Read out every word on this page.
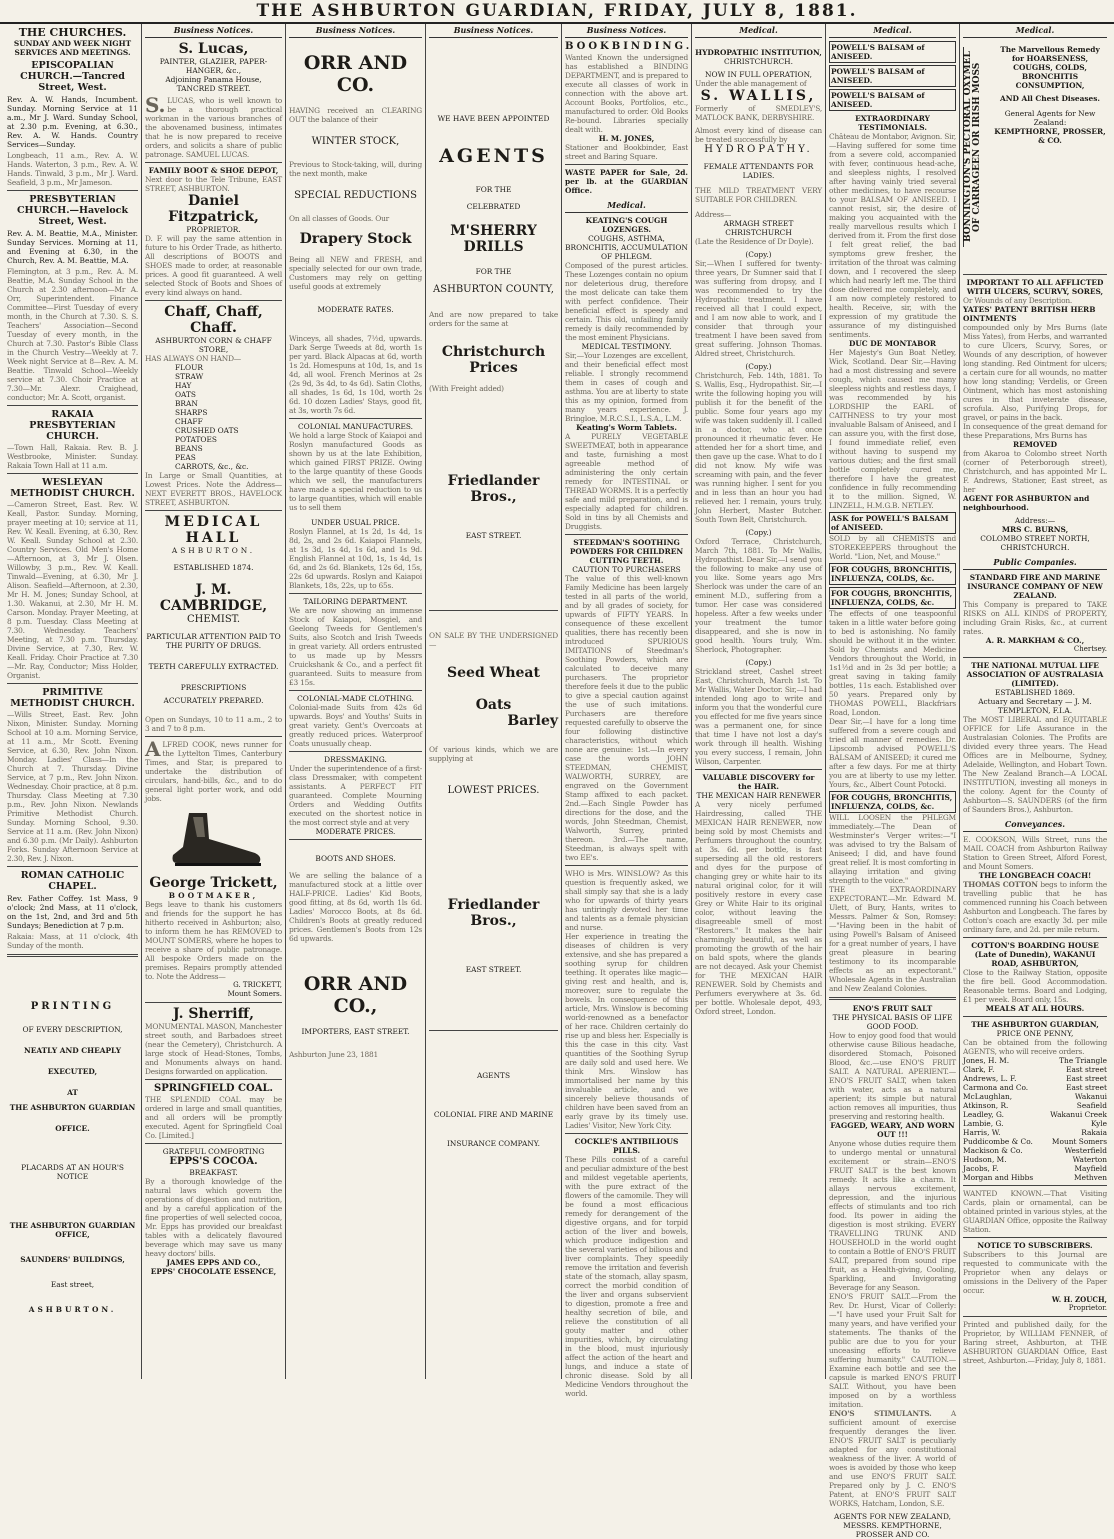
THE ASHBURTON GUARDIAN, FRIDAY, JULY 8, 1881.
THE CHURCHES.
SUNDAY AND WEEK NIGHT SERVICES AND MEETINGS.
EPISCOPALIAN CHURCH.—Tancred Street, West.
Rev. A. W. Hands, Incumbent. Sunday. Morning Service at 11 a.m., Mr J. Ward. Sunday School, at 2.30 p.m. Evening, at 6.30., Rev. A. W. Hands. Country Services—Sunday.
Longbeach, 11 a.m., Rev. A. W. Hands. Waterton, 3 p.m., Rev. A. W. Hands. Tinwald, 3 p.m., Mr J. Ward. Seafield, 3 p.m., Mr Jameson.
PRESBYTERIAN CHURCH.—Havelock Street, West.
Rev. A. M. Beattie, M.A., Minister. Sunday Services. Morning at 11, and Evening at 6.30, in the Church, Rev. A. M. Beattie, M.A.
Flemington, at 3 p.m., Rev. A. M. Beattie, M.A. Sunday School in the Church at 2.30 afternoon—Mr A. Orr, Superintendent. Finance Committee—First Tuesday of every month, in the Church at 7.30. S. S. Teachers' Association—Second Tuesday of every month, in the Church at 7.30. Pastor's Bible Class in the Church Vestry—Weekly at 7. Week night Service at 8—Rev. A. M. Beattie. Tinwald School—Weekly service at 7.30. Choir Practice at 7.30—Mr. Alexr. Craighead, conductor; Mr. A. Scott, organist.
RAKAIA PRESBYTERIAN CHURCH.
—Town Hall, Rakaia. Rev. B. J. Westbrooke, Minister. Sunday. Rakaia Town Hall at 11 a.m.
WESLEYAN METHODIST CHURCH.
—Cameron Street, East. Rev. W. Keall, Pastor. Sunday. Morning, prayer meeting at 10; service at 11, Rev. W. Keall. Evening, at 6.30, Rev. W. Keall. Sunday School at 2.30. Country Services. Old Men's Home—Afternoon, at 3, Mr J. Olsen. Willowby, 3 p.m., Rev. W. Keall. Tinwald—Evening, at 6.30, Mr J. Alison. Seafield—Afternoon, at 2.30, Mr H. M. Jones; Sunday School, at 1.30. Wakanui, at 2.30, Mr H. M. Carson. Monday. Prayer Meeting, at 8 p.m. Tuesday. Class Meeting at 7.30. Wednesday. Teachers' Meeting, at 7.30 p.m. Thursday. Divine Service, at 7.30, Rev. W. Keall. Friday. Choir Practice at 7.30—Mr. Ray, Conductor; Miss Holder, Organist.
PRIMITIVE METHODIST CHURCH.
—Wills Street, East. Rev. John Nixon, Minister. Sunday. Morning School at 10 a.m. Morning Service, at 11 a.m., Mr Scott. Evening Service, at 6.30, Rev. John Nixon. Monday. Ladies' Class—In the Church at 7. Thursday. Divine Service, at 7 p.m., Rev. John Nixon. Wednesday. Choir practice, at 8 p.m. Thursday. Class Meeting at 7.30 p.m., Rev. John Nixon. Newlands Primitive Methodist Church. Sunday. Morning School, 9.30. Service at 11 a.m. (Rev. John Nixon) and 6.30 p.m. (Mr Daily). Ashburton Forks. Sunday Afternoon Service at 2.30, Rev. J. Nixon.
ROMAN CATHOLIC CHAPEL.
Rev. Father Coffey. 1st Mass, 9 o'clock; 2nd Mass, at 11 o'clock, on the 1st, 2nd, and 3rd and 5th Sundays; Benediction at 7 p.m.
Rakaia: Mass, at 11 o'clock, 4th Sunday of the month.
PRINTING
OF EVERY DESCRIPTION,
NEATLY AND CHEAPLY
EXECUTED,
AT
THE ASHBURTON GUARDIAN
OFFICE.
PLACARDS AT AN HOUR'S NOTICE
THE ASHBURTON GUARDIAN OFFICE,
SAUNDERS' BUILDINGS,
East street,
ASHBURTON.
Business Notices.
S. Lucas,
PAINTER, GLAZIER, PAPER-HANGER, &c.,
Adjoining Panama House, TANCRED STREET.
S. LUCAS, who is well known to be a thorough practical workman in the various branches of the abovenamed business, intimates that he is now prepared to receive orders, and solicits a share of public patronage. SAMUEL LUCAS.
FAMILY BOOT & SHOE DEPOT,
Next door to the Tele Tribune, EAST STREET, ASHBURTON.
Daniel Fitzpatrick,
PROPRIETOR.
D. F. will pay the same attention in future to his Order Trade, as hitherto. All descriptions of BOOTS and SHOES made to order, at reasonable prices. A good fit guaranteed. A well selected Stock of Boots and Shoes of every kind always on hand.
Chaff, Chaff, Chaff.
ASHBURTON CORN & CHAFF STORE,
HAS ALWAYS ON HAND—
FLOUR
STRAW
HAY
OATS
BRAN
SHARPS
CHAFF
CRUSHED OATS
POTATOES
BEANS
PEAS
CARROTS, &c., &c.
In Large or Small Quantities, at Lowest Prices. Note the Address— NEXT EVERETT BROS., HAVELOCK STREET, ASHBURTON.
MEDICAL HALL
ASHBURTON.
ESTABLISHED 1874.
J. M. CAMBRIDGE,
CHEMIST.
PARTICULAR ATTENTION PAID TO THE PURITY OF DRUGS.
TEETH CAREFULLY EXTRACTED.
PRESCRIPTIONS
ACCURATELY PREPARED.
Open on Sundays, 10 to 11 a.m., 2 to 3 and 7 to 8 p.m.
ALFRED COOK, news runner for the Lyttelton Times, Canterbury Times, and Star, is prepared to undertake the distribution of circulars, hand-bills, &c., and to do general light porter work, and odd jobs.
George Trickett,
BOOTMAKER,
Begs leave to thank his customers and friends for the support he has hitherto received in Ashburton; also, to inform them he has REMOVED to MOUNT SOMERS, where he hopes to receive a share of public patronage. All bespoke Orders made on the premises. Repairs promptly attended to. Note the Address—
G. TRICKETT,
Mount Somers.
J. Sherriff,
MONUMENTAL MASON, Manchester street south, and Barbadoes street (near the Cemetery), Christchurch. A large stock of Head-Stones, Tombs, and Monuments always on hand. Designs forwarded on application.
SPRINGFIELD COAL.
THE SPLENDID COAL may be ordered in large and small quantities, and all orders will be promptly executed. Agent for Springfield Coal Co. [Limited.]
GRATEFUL COMFORTING
EPPS'S COCOA.
BREAKFAST.
By a thorough knowledge of the natural laws which govern the operations of digestion and nutrition, and by a careful application of the fine properties of well selected cocoa, Mr. Epps has provided our breakfast tables with a delicately flavoured beverage which may save us many heavy doctors' bills.
JAMES EPPS AND CO.,
EPPS' CHOCOLATE ESSENCE,
Business Notices.
ORR AND CO.
HAVING received an CLEARING OUT the balance of their
WINTER STOCK,
Previous to Stock-taking, will, during the next month, make
SPECIAL REDUCTIONS
On all classes of Goods. Our
Drapery Stock
Being all NEW and FRESH, and specially selected for our own trade, Customers may rely on getting useful goods at extremely
MODERATE RATES.
Winceys, all shades, 7½d, upwards. Dark Serge Tweeds at 8d, worth 1s per yard. Black Alpacas at 6d, worth 1s 2d. Homespuns at 10d, 1s, and 1s 4d, all wool. French Merinos at 2s (2s 9d, 3s 4d, to 4s 6d). Satin Cloths, all shades, 1s 6d, 1s 10d, worth 2s 6d. 10 dozen Ladies' Stays, good fit, at 3s, worth 7s 6d.
COLONIAL MANUFACTURES.
We hold a large Stock of Kaiapoi and Roslyn manufactured Goods as shown by us at the late Exhibition, which gained FIRST PRIZE. Owing to the large quantity of these Goods which we sell, the manufacturers have made a special reduction to us to large quantities, which will enable us to sell them
UNDER USUAL PRICE.
Roslyn Flannel, at 1s 2d, 1s 4d, 1s 8d, 2s, and 2s 6d. Kaiapoi Flannels, at 1s 3d, 1s 4d, 1s 6d, and 1s 9d. English Flannel at 10d, 1s, 1s 4d, 1s 6d, and 2s 6d. Blankets, 12s 6d, 15s, 22s 6d upwards. Roslyn and Kaiapoi Blankets, 18s, 22s, up to 65s.
TAILORING DEPARTMENT.
We are now showing an immense Stock of Kaiapoi, Mosgiel, and Geelong Tweeds for Gentlemen's Suits, also Scotch and Irish Tweeds in great variety. All orders entrusted to us made up by Messrs Cruickshank & Co., and a perfect fit guaranteed. Suits to measure from £3 15s.
COLONIAL-MADE CLOTHING.
Colonial-made Suits from 42s 6d upwards. Boys' and Youths' Suits in great variety. Gent's Overcoats at greatly reduced prices. Waterproof Coats unusually cheap.
DRESSMAKING.
Under the superintendence of a first-class Dressmaker, with competent assistants. A PERFECT FIT guaranteed. Complete Mourning Orders and Wedding Outfits executed on the shortest notice in the most correct style and at very
MODERATE PRICES.
BOOTS AND SHOES.
We are selling the balance of a manufactured stock at a little over HALF-PRICE. Ladies' Kid Boots, good fitting, at 8s 6d, worth 1ls 6d. Ladies' Morocco Boots, at 8s 6d. Children's Boots at greatly reduced prices. Gentlemen's Boots from 12s 6d upwards.
ORR AND CO.,
IMPORTERS, EAST STREET.
Ashburton June 23, 1881
Business Notices.
WE HAVE BEEN APPOINTED
AGENTS
FOR THE
CELEBRATED
M'SHERRY DRILLS
FOR THE
ASHBURTON COUNTY,
And are now prepared to take orders for the same at
Christchurch Prices
(With Freight added)
Friedlander Bros.,
EAST STREET.
ON SALE BY THE UNDERSIGNED—
Seed Wheat
Oats
Barley
Of various kinds, which we are supplying at
LOWEST PRICES.
Friedlander Bros.,
EAST STREET.
AGENTS
COLONIAL FIRE AND MARINE
INSURANCE COMPANY.
Business Notices.
BOOKBINDING.
Wanted Known the undersigned has established a BINDING DEPARTMENT, and is prepared to execute all classes of work in connection with the above art. Account Books, Portfolios, etc., manufactured to order. Old Books Re-bound. Libraries specially dealt with.
H. M. JONES,
Stationer and Bookbinder, East street and Baring Square.
WASTE PAPER for Sale, 2d. per lb. at the GUARDIAN Office.
Medical.
KEATING'S COUGH LOZENGES.
COUGHS, ASTHMA, BRONCHITIS, ACCUMULATION OF PHLEGM.
Composed of the purest articles. These Lozenges contain no opium nor deleterious drug, therefore the most delicate can take them with perfect confidence. Their beneficial effect is speedy and certain. This old, unfailing family remedy is daily recommended by the most eminent Physicians.
MEDICAL TESTIMONY.
Sir,—Your Lozenges are excellent, and their beneficial effect most reliable. I strongly recommend them in cases of cough and asthma. You are at liberty to state this as my opinion, formed from many years experience. J. Bringloe, M.R.C.S.I., L.S.A., L.M.
Keating's Worm Tablets.
A PURELY VEGETABLE SWEETMEAT, both in appearance and taste, furnishing a most agreeable method of administering the only certain remedy for INTESTINAL or THREAD WORMS. It is a perfectly safe and mild preparation, and is especially adapted for children. Sold in tins by all Chemists and Druggists.
STEEDMAN'S SOOTHING POWDERS FOR CHILDREN CUTTING TEETH.
CAUTION TO PURCHASERS
The value of this well-known Family Medicine has been largely tested in all parts of the world, and by all grades of society, for upwards of FIFTY YEARS. In consequence of these excellent qualities, there has recently been introduced SPURIOUS IMITATIONS of Steedman's Soothing Powders, which are calculated to deceive many purchasers. The proprietor therefore feels it due to the public to give a special caution against the use of such imitations. Purchasers are therefore requested carefully to observe the four following distinctive characteristics, without which none are genuine: 1st.—In every case the words JOHN STEEDMAN, CHEMIST, WALWORTH, SURREY, are engraved on the Government Stamp affixed to each packet. 2nd.—Each Single Powder has directions for the dose, and the words, John Steedman, Chemist, Walworth, Surrey, printed thereon. 3rd.—The name, Steedman, is always spelt with two EE's.
WHO is Mrs. WINSLOW? As this question is frequently asked, we shall simply say that she is a lady who for upwards of thirty years has untiringly devoted her time and talents as a female physician and nurse.
Her experience in treating the diseases of children is very extensive, and she has prepared a soothing syrup for children teething. It operates like magic—giving rest and health, and is, moreover, sure to regulate the bowels. In consequence of this article, Mrs. Winslow is becoming world-renowned as a benefactor of her race. Children certainly do rise up and bless her. Especially is this the case in this city. Vast quantities of the Soothing Syrup are daily sold and used here. We think Mrs. Winslow has immortalised her name by this invaluable article, and we sincerely believe thousands of children have been saved from an early grave by its timely use. Ladies' Visitor, New York City.
COCKLE'S ANTIBILIOUS PILLS.
These Pills consist of a careful and peculiar admixture of the best and mildest vegetable aperients, with the pure extract of the flowers of the camomile. They will be found a most efficacious remedy for derangement of the digestive organs, and for torpid action of the liver and bowels, which produce indigestion and the several varieties of bilious and liver complaints. They speedily remove the irritation and feverish state of the stomach, allay spasm, correct the morbid condition of the liver and organs subservient to digestion, promote a free and healthy secretion of bile, and relieve the constitution of all gouty matter and other impurities, which, by circulating in the blood, must injuriously affect the action of the heart and lungs, and induce a state of chronic disease. Sold by all Medicine Vendors throughout the world.
Medical.
HYDROPATHIC INSTITUTION,
CHRISTCHURCH.
NOW IN FULL OPERATION,
Under the able management of
S. WALLIS,
Formerly of SMEDLEY'S, MATLOCK BANK, DERBYSHIRE.
Almost every kind of disease can be treated successfully by
HYDROPATHY.
FEMALE ATTENDANTS FOR LADIES.
THE MILD TREATMENT VERY SUITABLE FOR CHILDREN.
Address—
ARMAGH STREET
CHRISTCHURCH
(Late the Residence of Dr Doyle).
(Copy.)
Sir,—When I suffered for twenty-three years, Dr Sumner said that I was suffering from dropsy, and I was recommended to try the Hydropathic treatment. I have received all that I could expect, and I am now able to work, and I consider that through your treatment I have been saved from great suffering. Johnson Thomas. Aldred street, Christchurch.
(Copy.)
Christchurch, Feb. 14th, 1881. To S. Wallis, Esq., Hydropathist. Sir,—I write the following hoping you will publish it for the benefit of the public. Some four years ago my wife was taken suddenly ill. I called in a doctor, who at once pronounced it rheumatic fever. He attended her for a short time, and then gave up the case. What to do I did not know. My wife was screaming with pain, and the fever was running higher. I sent for you and in less than an hour you had relieved her. I remain, yours truly, John Herbert, Master Butcher. South Town Belt, Christchurch.
(Copy.)
Oxford Terrace, Christchurch, March 7th, 1881. To Mr Wallis, Hydropathist. Dear Sir,—I send you the following to make any use of you like. Some years ago Mrs Sherlock was under the care of an eminent M.D., suffering from a tumor. Her case was considered hopeless. After a few weeks under your treatment the tumor disappeared, and she is now in good health. Yours truly, Wm. Sherlock, Photographer.
(Copy.)
Strickland street, Cashel street East, Christchurch, March 1st. To Mr Wallis, Water Doctor. Sir,—I had intended long ago to write and inform you that the wonderful cure you effected for me five years since was a permanent one, for since that time I have not lost a day's work through ill health. Wishing you every success, I remain, John Wilson, Carpenter.
VALUABLE DISCOVERY for the HAIR.
THE MEXICAN HAIR RENEWER
A very nicely perfumed Hairdressing, called THE MEXICAN HAIR RENEWER, now being sold by most Chemists and Perfumers throughout the country, at 3s. 6d. per bottle, is fast superseding all the old restorers and dyes for the purpose of changing grey or white hair to its natural original color, for it will positively restore in every case Grey or White Hair to its original color, without leaving the disagreeable smell of most "Restorers." It makes the hair charmingly beautiful, as well as promoting the growth of the hair on bald spots, where the glands are not decayed. Ask your Chemist for THE MEXICAN HAIR RENEWER. Sold by Chemists and Perfumers everywhere at 3s. 6d. per bottle. Wholesale depot, 493, Oxford street, London.
Medical.
POWELL'S BALSAM of ANISEED.
POWELL'S BALSAM of ANISEED.
POWELL'S BALSAM of ANISEED.
EXTRAORDINARY TESTIMONIALS.
Château de Montabor, Avignon. Sir,—Having suffered for some time from a severe cold, accompanied with fever, continuous head-ache, and sleepless nights, I resolved after having vainly tried several other medicines, to have recourse to your BALSAM OF ANISEED. I cannot resist, sir, the desire of making you acquainted with the really marvellous results which I derived from it. From the first dose I felt great relief, the bad symptoms grew fresher, the irritation of the throat was calming down, and I recovered the sleep which had nearly left me. The third dose delivered me completely, and I am now completely restored to health. Receive, sir, with the expression of my gratitude the assurance of my distinguished sentiments.
DUC DE MONTABOR
Her Majesty's Gun Boat Netley, Wick, Scotland. Dear Sir,—Having had a most distressing and severe cough, which caused me many sleepless nights and restless days, I was recommended by his LORDSHIP the EARL of CAITHNESS to try your most invaluable Balsam of Aniseed, and I can assure you, with the first dose, I found immediate relief, even without having to suspend my various duties; and the first small bottle completely cured me, therefore I have the greatest confidence in fully recommending it to the million. Signed, W. LINZELL, H.M.G.B. NETLEY.
ASK for POWELL'S BALSAM of ANISEED.
SOLD by all CHEMISTS and STOREKEEPERS throughout the World. "Lion, Net, and Mouse."
FOR COUGHS, BRONCHITIS, INFLUENZA, COLDS, &c.
FOR COUGHS, BRONCHITIS, INFLUENZA, COLDS, &c.
The effects of one teaspoonful taken in a little water before going to bed is astonishing. No family should be without it in the winter. Sold by Chemists and Medicine Vendors throughout the World, in 1s1½d and in 2s 3d per bottle; a great saving in taking family bottles, 11s each. Established over 50 years. Prepared only by THOMAS POWELL, Blackfriars Road, London.
Dear Sir,—I have for a long time suffered from a severe cough and tried all manner of remedies. Dr. Lipscomb advised POWELL'S BALSAM of ANISEED; it cured me after a few days. For me at thirty you are at liberty to use my letter. Yours, &c., Albert Count Potocki.
FOR COUGHS, BRONCHITIS, INFLUENZA, COLDS, &c.
WILL LOOSEN the PHLEGM immediately.—The Dean of Westminster's Verger writes:—"I was advised to try the Balsam of Aniseed; I did, and have found great relief. It is most comforting in allaying irritation and giving strength to the voice."
THE EXTRAORDINARY EXPECTORANT.—Mr. Edward M. Ulett, of Bury, Hants, writes to Messrs. Palmer & Son, Romsey:—"Having been in the habit of using Powell's Balsam of Aniseed for a great number of years, I have great pleasure in bearing testimony to its incomparable effects as an expectorant." Wholesale Agents in the Australian and New Zealand Colonies.
ENO'S FRUIT SALT
THE PHYSICAL BASIS OF LIFE
GOOD FOOD.
How to enjoy good food that would otherwise cause Bilious headache, disordered Stomach, Poisoned Blood, &c.—use ENO'S FRUIT SALT. A NATURAL APERIENT.—ENO'S FRUIT SALT, when taken with water, acts as a natural aperient; its simple but natural action removes all impurities, thus preserving and restoring health.
FAGGED, WEARY, AND WORN OUT !!!
Anyone whose duties require them to undergo mental or unnatural excitement or strain—ENO'S FRUIT SALT is the best known remedy. It acts like a charm. It allays nervous excitement, depression, and the injurious effects of stimulants and too rich food. Its power in aiding the digestion is most striking. EVERY TRAVELLING TRUNK AND HOUSEHOLD in the world ought to contain a Bottle of ENO'S FRUIT SALT, prepared from sound ripe fruit, as a Health-giving, Cooling, Sparkling, and Invigorating Beverage for any Season.
ENO'S FRUIT SALT.—From the Rev. Dr. Hurst, Vicar of Collerly:—"I have used your Fruit Salt for many years, and have verified your statements. The thanks of the public are due to you for your unceasing efforts to relieve suffering humanity." CAUTION.—Examine each bottle and see the capsule is marked ENO'S FRUIT SALT. Without, you have been imposed on by a worthless imitation.
ENO'S STIMULANTS. A sufficient amount of exercise frequently deranges the liver. ENO'S FRUIT SALT is peculiarly adapted for any constitutional weakness of the liver. A world of woes is avoided by those who keep and use ENO'S FRUIT SALT. Prepared only by J. C. ENO'S Patent, at ENO'S FRUIT SALT WORKS, Hatcham, London, S.E.
AGENTS FOR NEW ZEALAND,
MESSRS. KEMPTHORNE, PROSSER AND CO.
Medical.
BONNINGTON'S PECTORAL OXYMEL OF CARRAGEEN OR IRISH MOSS
The Marvellous Remedy for HOARSENESS, COUGHS, COLDS, BRONCHITIS CONSUMPTION,
AND All Chest Diseases.
General Agents for New Zealand:
KEMPTHORNE, PROSSER, & CO.
IMPORTANT TO ALL AFFLICTED WITH ULCERS, SCURVY, SORES,
Or Wounds of any Description.
YATES' PATENT BRITISH HERB OINTMENTS
compounded only by Mrs Burns (late Miss Yates), from Herbs, and warranted to cure Ulcers, Scurvy, Sores, or Wounds of any description, of however long standing. Red Ointment for ulcers; a certain cure for all wounds, no matter how long standing; Verdelis, or Green Ointment, which has most astonishing cures in that inveterate disease, scrofula. Also, Purifying Drops, for gravel, or pains in the back.
In consequence of the great demand for these Preparations, Mrs Burns has
REMOVED
from Akaroa to Colombo street North (corner of Peterborough street), Christchurch, and has appointed Mr L. F. Andrews, Stationer, East street, as her
AGENT FOR ASHBURTON and neighbourhood.
Address:—
MRS C. BURNS,
COLOMBO STREET NORTH, CHRISTCHURCH.
Public Companies.
STANDARD FIRE AND MARINE INSURANCE COMPANY OF NEW ZEALAND.
This Company is prepared to TAKE RISKS on ALL KINDS of PROPERTY, including Grain Risks, &c., at current rates.
A. R. MARKHAM & CO.,
Chertsey.
THE NATIONAL MUTUAL LIFE ASSOCIATION OF AUSTRALASIA (LIMITED).
ESTABLISHED 1869.
Actuary and Secretary — J. M. TEMPLETON, F.I.A.
The MOST LIBERAL and EQUITABLE OFFICE for Life Assurance in the Australasian Colonies. The Profits are divided every three years. The Head Offices are in Melbourne, Sydney, Adelaide, Wellington, and Hobart Town. The New Zealand Branch—A LOCAL INSTITUTION, investing all moneys in the colony. Agent for the County of Ashburton—S. SAUNDERS (of the firm of Saunders Bros.), Ashburton.
Conveyances.
E. COOKSON, Wills Street, runs the MAIL COACH from Ashburton Railway Station to Green Street, Alford Forest, and Mount Somers.
THE LONGBEACH COACH!
THOMAS COTTON begs to inform the travelling public that he has commenced running his Coach between Ashburton and Longbeach. The fares by Cotton's coach are exactly 3d. per mile ordinary fare, and 2d. per mile return.
COTTON'S BOARDING HOUSE (Late of Dunedin), WAKANUI ROAD, ASHBURTON,
Close to the Railway Station, opposite the fire bell. Good Accommodation. Reasonable terms. Board and Lodging, £1 per week. Board only, 15s.
MEALS AT ALL HOURS.
THE ASHBURTON GUARDIAN,
PRICE ONE PENNY,
Can be obtained from the following AGENTS, who will receive orders.
Jones, H. M.	The Triangle
Clark, F.	East street
Andrews, L. F.	East street
Carmona and Co.	East street
McLaughlan,	Wakanui
Atkinson, R.	Seafield
Leadley, G.	Wakanui Creek
Lambie, G.	Kyle
Harris, W.	Rakaia
Puddicombe & Co.	Mount Somers
Mackison & Co.	Westerfield
Hudson, M.	Waterton
Jacobs, F.	Mayfield
Morgan and Hibbs	Methven
WANTED KNOWN.—That Visiting Cards, plain or ornamental, can be obtained printed in various styles, at the GUARDIAN Office, opposite the Railway Station.
NOTICE TO SUBSCRIBERS.
Subscribers to this Journal are requested to communicate with the Proprietor when any delays or omissions in the Delivery of the Paper occur.
W. H. ZOUCH,
Proprietor.
Printed and published daily, for the Proprietor, by WILLIAM FENNER, of Baring street, Ashburton, at THE ASHBURTON GUARDIAN Office, East street, Ashburton.—Friday, July 8, 1881.
